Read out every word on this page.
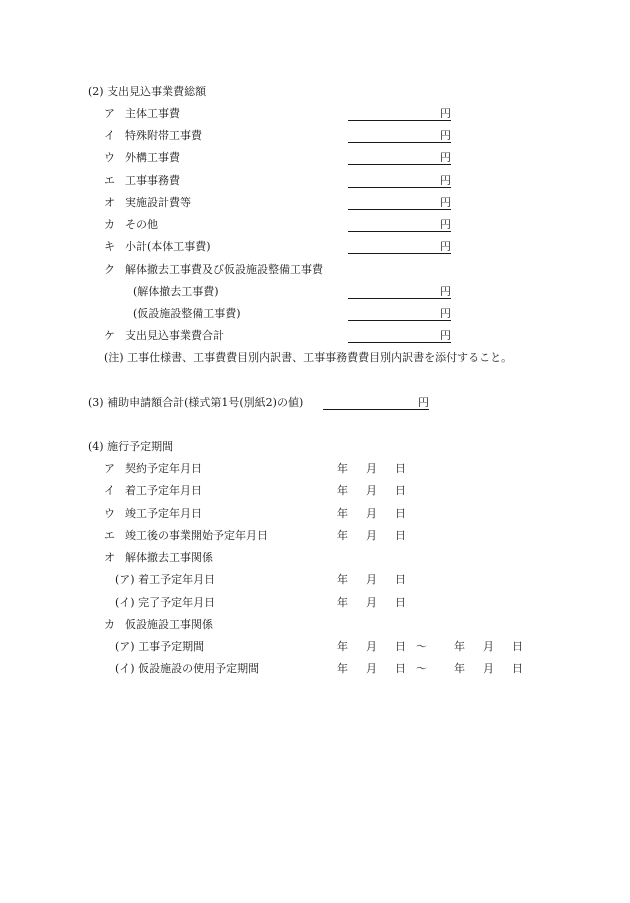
(2) 支出見込事業費総額
ア 主体工事費	円
イ 特殊附帯工事費	円
ウ 外構工事費	円
エ 工事事務費	円
オ 実施設計費等	円
カ その他	円
キ 小計(本体工事費)	円
ク 解体撤去工事費及び仮設施設整備工事費
(解体撤去工事費)	円
(仮設施設整備工事費)	円
ケ 支出見込事業費合計	円
(注) 工事仕様書、工事費費目別内訳書、工事事務費費目別内訳書を添付すること。
(3) 補助申請額合計(様式第1号(別紙2)の値)	円
(4) 施行予定期間
ア 契約予定年月日	年 月 日
イ 着工予定年月日	年 月 日
ウ 竣工予定年月日	年 月 日
エ 竣工後の事業開始予定年月日	年 月 日
オ 解体撤去工事関係
(ア) 着工予定年月日	年 月 日
(イ) 完了予定年月日	年 月 日
カ 仮設施設工事関係
(ア) 工事予定期間	年 月 日 〜 年 月 日
(イ) 仮設施設の使用予定期間	年 月 日 〜 年 月 日
